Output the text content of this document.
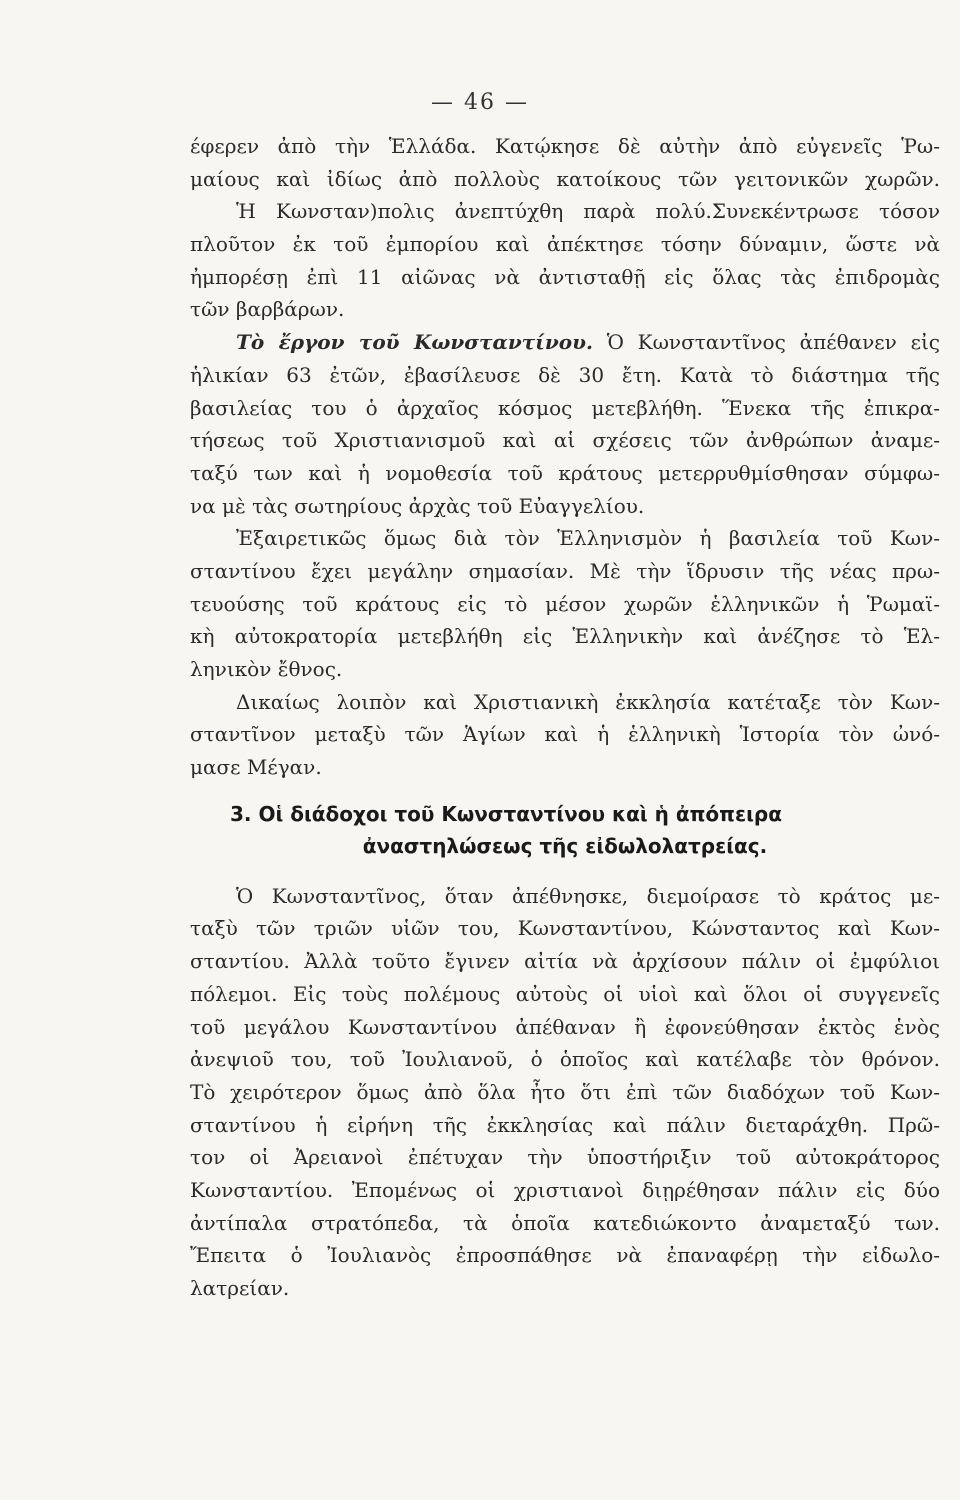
— 46 —
έφερεν ἀπὸ τὴν Ἑλλάδα. Κατῴκησε δὲ αὐτὴν ἀπὸ εὐγενεῖς Ῥω-
μαίους καὶ ἰδίως ἀπὸ πολλοὺς κατοίκους τῶν γειτονικῶν χωρῶν.
Ἡ Κωνσταν)πολις ἀνεπτύχθη παρὰ πολύ.Συνεκέντρωσε τόσον
πλοῦτον ἐκ τοῦ ἐμπορίου καὶ ἀπέκτησε τόσην δύναμιν, ὥστε νὰ
ἠμπορέσῃ ἐπὶ 11 αἰῶνας νὰ ἀντισταθῇ εἰς ὅλας τὰς ἐπιδρομὰς
τῶν βαρβάρων.
Τὸ ἔργον τοῦ Κωνσταντίνου. Ὁ Κωνσταντῖνος ἀπέθανεν εἰς
ἡλικίαν 63 ἐτῶν, ἐβασίλευσε δὲ 30 ἔτη. Κατὰ τὸ διάστημα τῆς
βασιλείας του ὁ ἀρχαῖος κόσμος μετεβλήθη. Ἕνεκα τῆς ἐπικρα-
τήσεως τοῦ Χριστιανισμοῦ καὶ αἱ σχέσεις τῶν ἀνθρώπων ἀναμε-
ταξύ των καὶ ἡ νομοθεσία τοῦ κράτους μετερρυθμίσθησαν σύμφω-
να μὲ τὰς σωτηρίους ἀρχὰς τοῦ Εὐαγγελίου.
Ἐξαιρετικῶς ὅμως διὰ τὸν Ἑλληνισμὸν ἡ βασιλεία τοῦ Κων-
σταντίνου ἔχει μεγάλην σημασίαν. Μὲ τὴν ἵδρυσιν τῆς νέας πρω-
τευούσης τοῦ κράτους εἰς τὸ μέσον χωρῶν ἑλληνικῶν ἡ Ῥωμαϊ-
κὴ αὐτοκρατορία μετεβλήθη εἰς Ἑλληνικὴν καὶ ἀνέζησε τὸ Ἑλ-
ληνικὸν ἔθνος.
Δικαίως λοιπὸν καὶ Χριστιανικὴ ἐκκλησία κατέταξε τὸν Κων-
σταντῖνον μεταξὺ τῶν Ἁγίων καὶ ἡ ἑλληνικὴ Ἱστορία τὸν ὠνό-
μασε Μέγαν.
3. Οἱ διάδοχοι τοῦ Κωνσταντίνου καὶ ἡ ἀπόπειρα
ἀναστηλώσεως τῆς εἰδωλολατρείας.
Ὁ Κωνσταντῖνος, ὅταν ἀπέθνησκε, διεμοίρασε τὸ κράτος με-
ταξὺ τῶν τριῶν υἱῶν του, Κωνσταντίνου, Κώνσταντος καὶ Κων-
σταντίου. Ἀλλὰ τοῦτο ἔγινεν αἰτία νὰ ἀρχίσουν πάλιν οἱ ἐμφύλιοι
πόλεμοι. Εἰς τοὺς πολέμους αὐτοὺς οἱ υἱοὶ καὶ ὅλοι οἱ συγγενεῖς
τοῦ μεγάλου Κωνσταντίνου ἀπέθαναν ἢ ἐφονεύθησαν ἐκτὸς ἑνὸς
ἀνεψιοῦ του, τοῦ Ἰουλιανοῦ, ὁ ὁποῖος καὶ κατέλαβε τὸν θρόνον.
Τὸ χειρότερον ὅμως ἀπὸ ὅλα ἦτο ὅτι ἐπὶ τῶν διαδόχων τοῦ Κων-
σταντίνου ἡ εἰρήνη τῆς ἐκκλησίας καὶ πάλιν διεταράχθη. Πρῶ-
τον οἱ Ἀρειανοὶ ἐπέτυχαν τὴν ὑποστήριξιν τοῦ αὐτοκράτορος
Κωνσταντίου. Ἐπομένως οἱ χριστιανοὶ διῃρέθησαν πάλιν εἰς δύο
ἀντίπαλα στρατόπεδα, τὰ ὁποῖα κατεδιώκοντο ἀναμεταξύ των.
Ἔπειτα ὁ Ἰουλιανὸς ἐπροσπάθησε νὰ ἐπαναφέρῃ τὴν εἰδωλο-
λατρείαν.
